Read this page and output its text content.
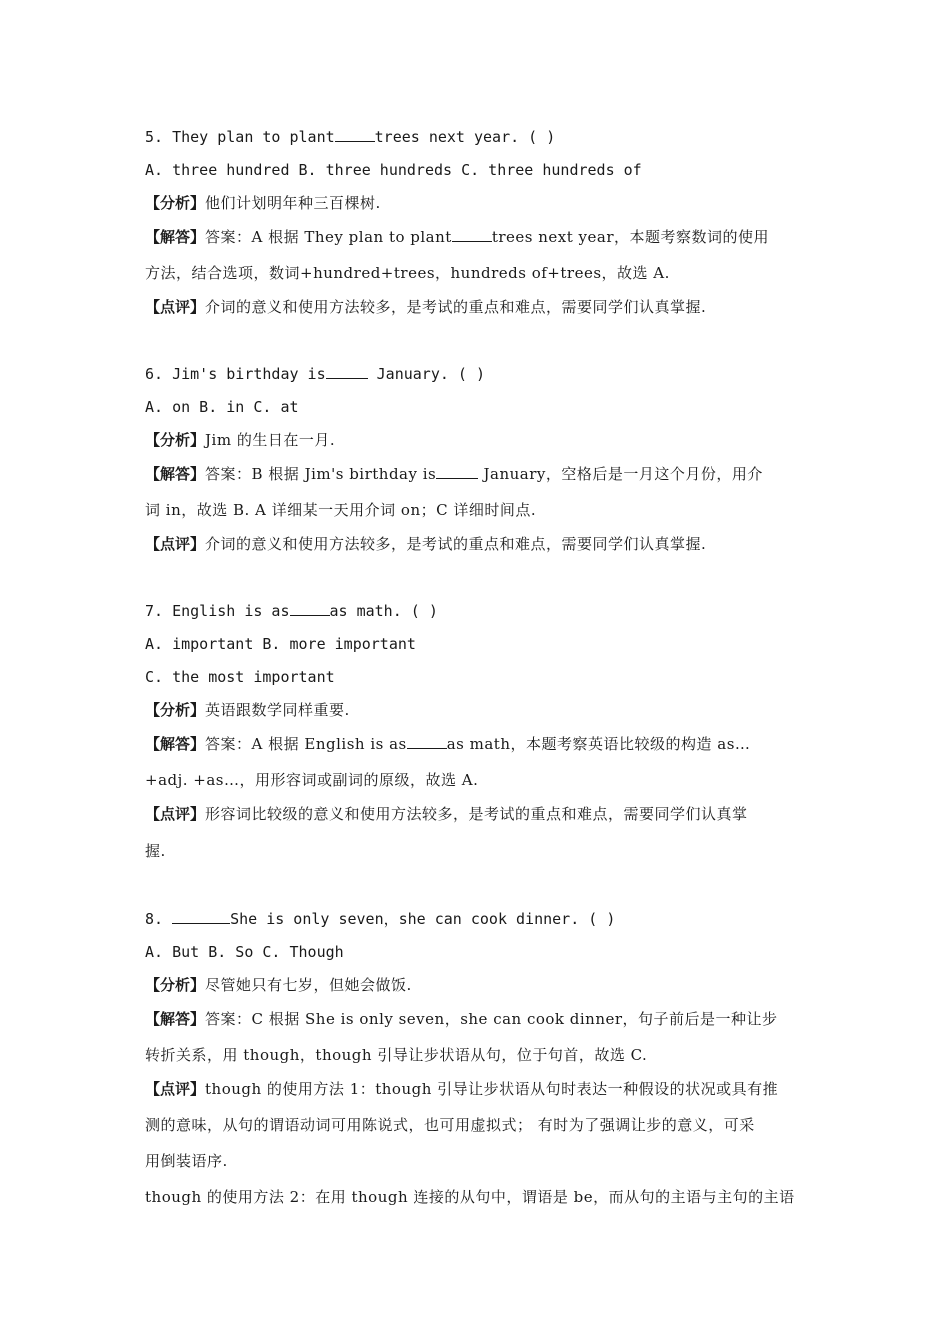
5. They plan to plant	trees next year. ( )
A. three hundred B. three hundreds C. three hundreds of
【分析】他们计划明年种三百棵树.
【解答】答案：A 根据 They plan to plant	trees next year，本题考察数词的使用
方法，结合选项，数词+hundred+trees，hundreds of+trees，故选 A.
【点评】介词的意义和使用方法较多，是考试的重点和难点，需要同学们认真掌握.
6. Jim's birthday is	January. ( )
A. on B. in C. at
【分析】Jim 的生日在一月.
【解答】答案：B 根据 Jim's birthday is	January，空格后是一月这个月份，用介
词 in，故选 B. A 详细某一天用介词 on；C 详细时间点.
【点评】介词的意义和使用方法较多，是考试的重点和难点，需要同学们认真掌握.
7. English is as	as math. ( )
A. important B. more important
C. the most important
【分析】英语跟数学同样重要.
【解答】答案：A 根据 English is as	as math，本题考察英语比较级的构造 as…
+adj. +as…，用形容词或副词的原级，故选 A.
【点评】形容词比较级的意义和使用方法较多，是考试的重点和难点，需要同学们认真掌
握.
8.	She is only seven，she can cook dinner. ( )
A. But B. So C. Though
【分析】尽管她只有七岁，但她会做饭.
【解答】答案：C 根据 She is only seven，she can cook dinner，句子前后是一种让步
转折关系，用 though，though 引导让步状语从句，位于句首，故选 C.
【点评】though 的使用方法 1：though 引导让步状语从句时表达一种假设的状况或具有推
测的意味，从句的谓语动词可用陈说式，也可用虚拟式； 有时为了强调让步的意义，可采
用倒装语序.
though 的使用方法 2：在用 though 连接的从句中，谓语是 be，而从句的主语与主句的主语
